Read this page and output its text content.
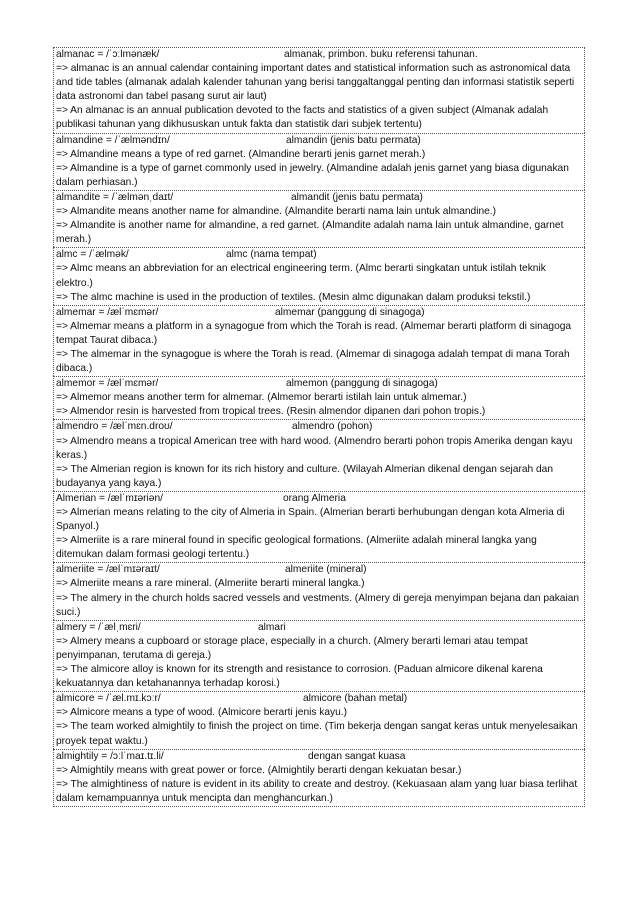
almanac = /ˈɔːlmənæk/	almanak, primbon. buku referensi tahunan.
=> almanac is an annual calendar containing important dates and statistical information such as astronomical data and tide tables (almanak adalah kalender tahunan yang berisi tanggaltanggal penting dan informasi statistik seperti data astronomi dan tabel pasang surut air laut)
=> An almanac is an annual publication devoted to the facts and statistics of a given subject (Almanak adalah publikasi tahunan yang dikhususkan untuk fakta dan statistik dari subjek tertentu)
almandine = /ˈælməndɪn/	almandin (jenis batu permata)
=> Almandine means a type of red garnet. (Almandine berarti jenis garnet merah.)
=> Almandine is a type of garnet commonly used in jewelry. (Almandine adalah jenis garnet yang biasa digunakan dalam perhiasan.)
almandite = /ˈælmənˌdaɪt/	almandit (jenis batu permata)
=> Almandite means another name for almandine. (Almandite berarti nama lain untuk almandine.)
=> Almandite is another name for almandine, a red garnet. (Almandite adalah nama lain untuk almandine, garnet merah.)
almc = /ˈælmək/	almc (nama tempat)
=> Almc means an abbreviation for an electrical engineering term. (Almc berarti singkatan untuk istilah teknik elektro.)
=> The almc machine is used in the production of textiles. (Mesin almc digunakan dalam produksi tekstil.)
almemar = /ælˈmɛmər/	almemar (panggung di sinagoga)
=> Almemar means a platform in a synagogue from which the Torah is read. (Almemar berarti platform di sinagoga tempat Taurat dibaca.)
=> The almemar in the synagogue is where the Torah is read. (Almemar di sinagoga adalah tempat di mana Torah dibaca.)
almemor = /ælˈmɛmər/	almemon (panggung di sinagoga)
=> Almemor means another term for almemar. (Almemor berarti istilah lain untuk almemar.)
=> Almendor resin is harvested from tropical trees. (Resin almendor dipanen dari pohon tropis.)
almendro = /ælˈmɛn.droʊ/	almendro (pohon)
=> Almendro means a tropical American tree with hard wood. (Almendro berarti pohon tropis Amerika dengan kayu keras.)
=> The Almerian region is known for its rich history and culture. (Wilayah Almerian dikenal dengan sejarah dan budayanya yang kaya.)
Almerian = /ælˈmɪəriən/	orang Almeria
=> Almerian means relating to the city of Almeria in Spain. (Almerian berarti berhubungan dengan kota Almeria di Spanyol.)
=> Almeriite is a rare mineral found in specific geological formations. (Almeriite adalah mineral langka yang ditemukan dalam formasi geologi tertentu.)
almeriite = /ælˈmɪəraɪt/	almeriite (mineral)
=> Almeriite means a rare mineral. (Almeriite berarti mineral langka.)
=> The almery in the church holds sacred vessels and vestments. (Almery di gereja menyimpan bejana dan pakaian suci.)
almery = /ˈælˌmɛri/	almari
=> Almery means a cupboard or storage place, especially in a church. (Almery berarti lemari atau tempat penyimpanan, terutama di gereja.)
=> The almicore alloy is known for its strength and resistance to corrosion. (Paduan almicore dikenal karena kekuatannya dan ketahanannya terhadap korosi.)
almicore = /ˈæl.mɪ.kɔːr/	almicore (bahan metal)
=> Almicore means a type of wood. (Almicore berarti jenis kayu.)
=> The team worked almightily to finish the project on time. (Tim bekerja dengan sangat keras untuk menyelesaikan proyek tepat waktu.)
almightily = /ɔːlˈmaɪ.tɪ.li/	dengan sangat kuasa
=> Almightily means with great power or force. (Almightily berarti dengan kekuatan besar.)
=> The almightiness of nature is evident in its ability to create and destroy. (Kekuasaan alam yang luar biasa terlihat dalam kemampuannya untuk mencipta dan menghancurkan.)
